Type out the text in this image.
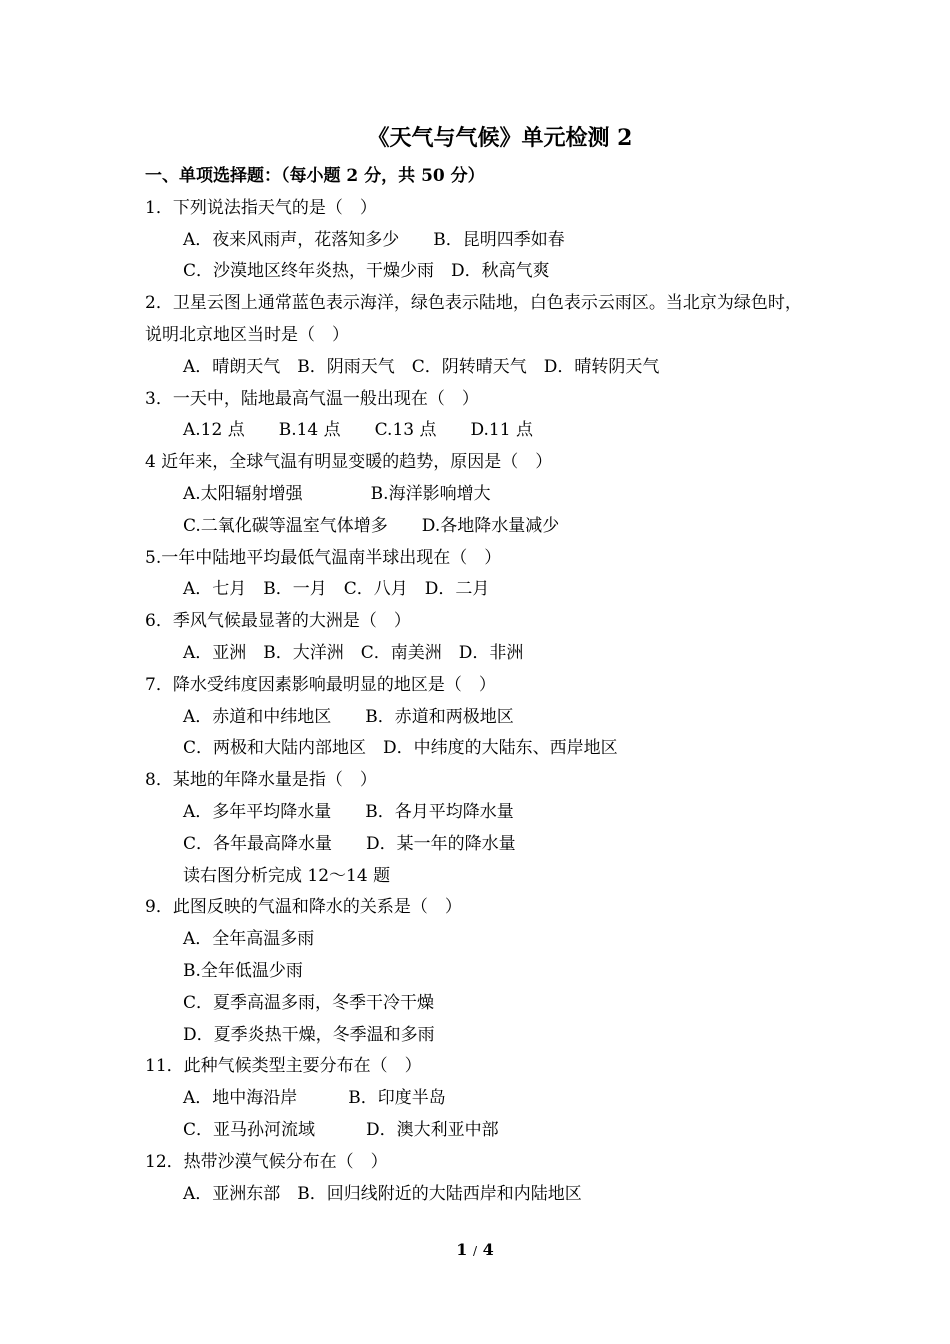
《天气与气候》单元检测 2
一、单项选择题：（每小题 2 分，共 50 分）
1．下列说法指天气的是（　）
A．夜来风雨声，花落知多少　　B．昆明四季如春
C．沙漠地区终年炎热，干燥少雨　D．秋高气爽
2．卫星云图上通常蓝色表示海洋，绿色表示陆地，白色表示云雨区。当北京为绿色时，说明北京地区当时是（　）
A．晴朗天气　B．阴雨天气　C．阴转晴天气　D．晴转阴天气
3．一天中，陆地最高气温一般出现在（　）
A.12 点　　B.14 点　　C.13 点　　D.11 点
4 近年来，全球气温有明显变暖的趋势，原因是（　）
A.太阳辐射增强　　　　B.海洋影响增大
C.二氧化碳等温室气体增多　　D.各地降水量减少
5.一年中陆地平均最低气温南半球出现在（　）
A．七月　B．一月　C．八月　D．二月
6．季风气候最显著的大洲是（　）
A．亚洲　B．大洋洲　C．南美洲　D．非洲
7．降水受纬度因素影响最明显的地区是（　）
A．赤道和中纬地区　　B．赤道和两极地区
C．两极和大陆内部地区　D．中纬度的大陆东、西岸地区
8．某地的年降水量是指（　）
A．多年平均降水量　　B．各月平均降水量
C．各年最高降水量　　D．某一年的降水量
读右图分析完成 12～14 题
9．此图反映的气温和降水的关系是（　）
A．全年高温多雨
B.全年低温少雨
C．夏季高温多雨，冬季干冷干燥
D．夏季炎热干燥，冬季温和多雨
11．此种气候类型主要分布在（　）
A．地中海沿岸　　　B．印度半岛
C．亚马孙河流域　　　D．澳大利亚中部
12．热带沙漠气候分布在（　）
A．亚洲东部　B．回归线附近的大陆西岸和内陆地区
1 / 4
